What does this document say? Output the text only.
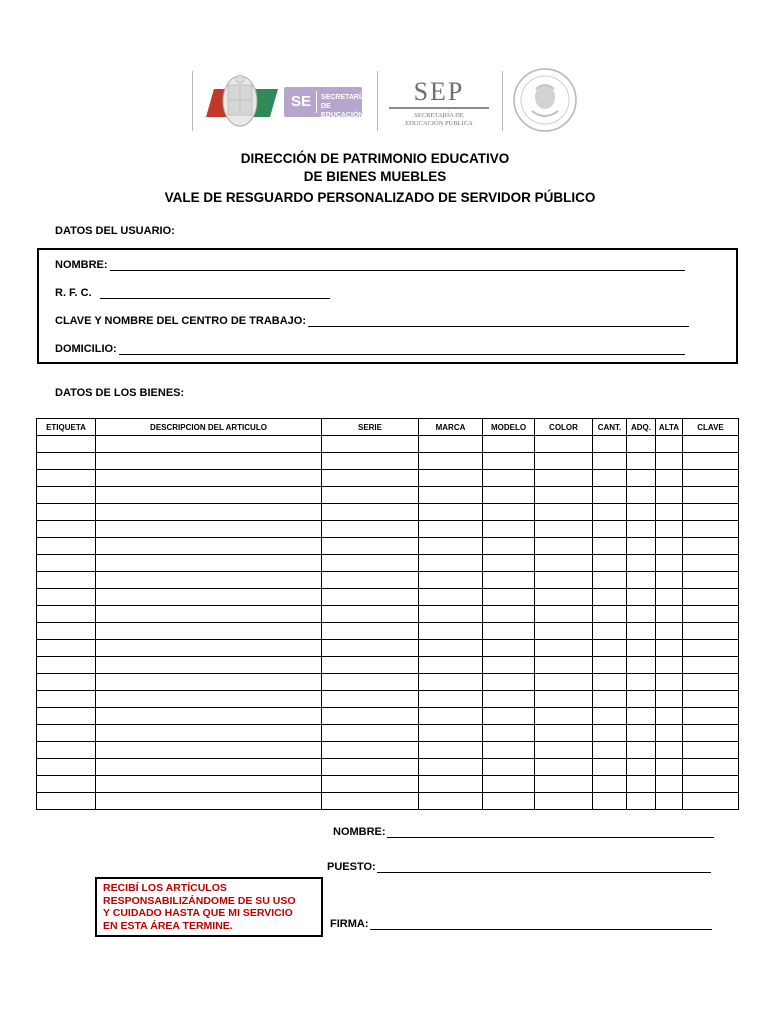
SE SECRETARÍA
DE EDUCACIÓN
SEP
SECRETARÍA DE
EDUCACIÓN PÚBLICA
DIRECCIÓN DE PATRIMONIO EDUCATIVO
DE BIENES MUEBLES
VALE DE RESGUARDO PERSONALIZADO DE SERVIDOR PÚBLICO
DATOS DEL USUARIO:
NOMBRE:
R. F. C.
CLAVE Y NOMBRE DEL CENTRO DE TRABAJO:
DOMICILIO:
DATOS DE LOS BIENES:
ETIQUETA	DESCRIPCION DEL ARTICULO	SERIE	MARCA	MODELO	COLOR	CANT.	ADQ.	ALTA	CLAVE

NOMBRE:
PUESTO:
FIRMA:
RECIBÍ LOS ARTÍCULOS
RESPONSABILIZÁNDOME DE SU USO
Y CUIDADO HASTA QUE MI SERVICIO
EN ESTA ÁREA TERMINE.
